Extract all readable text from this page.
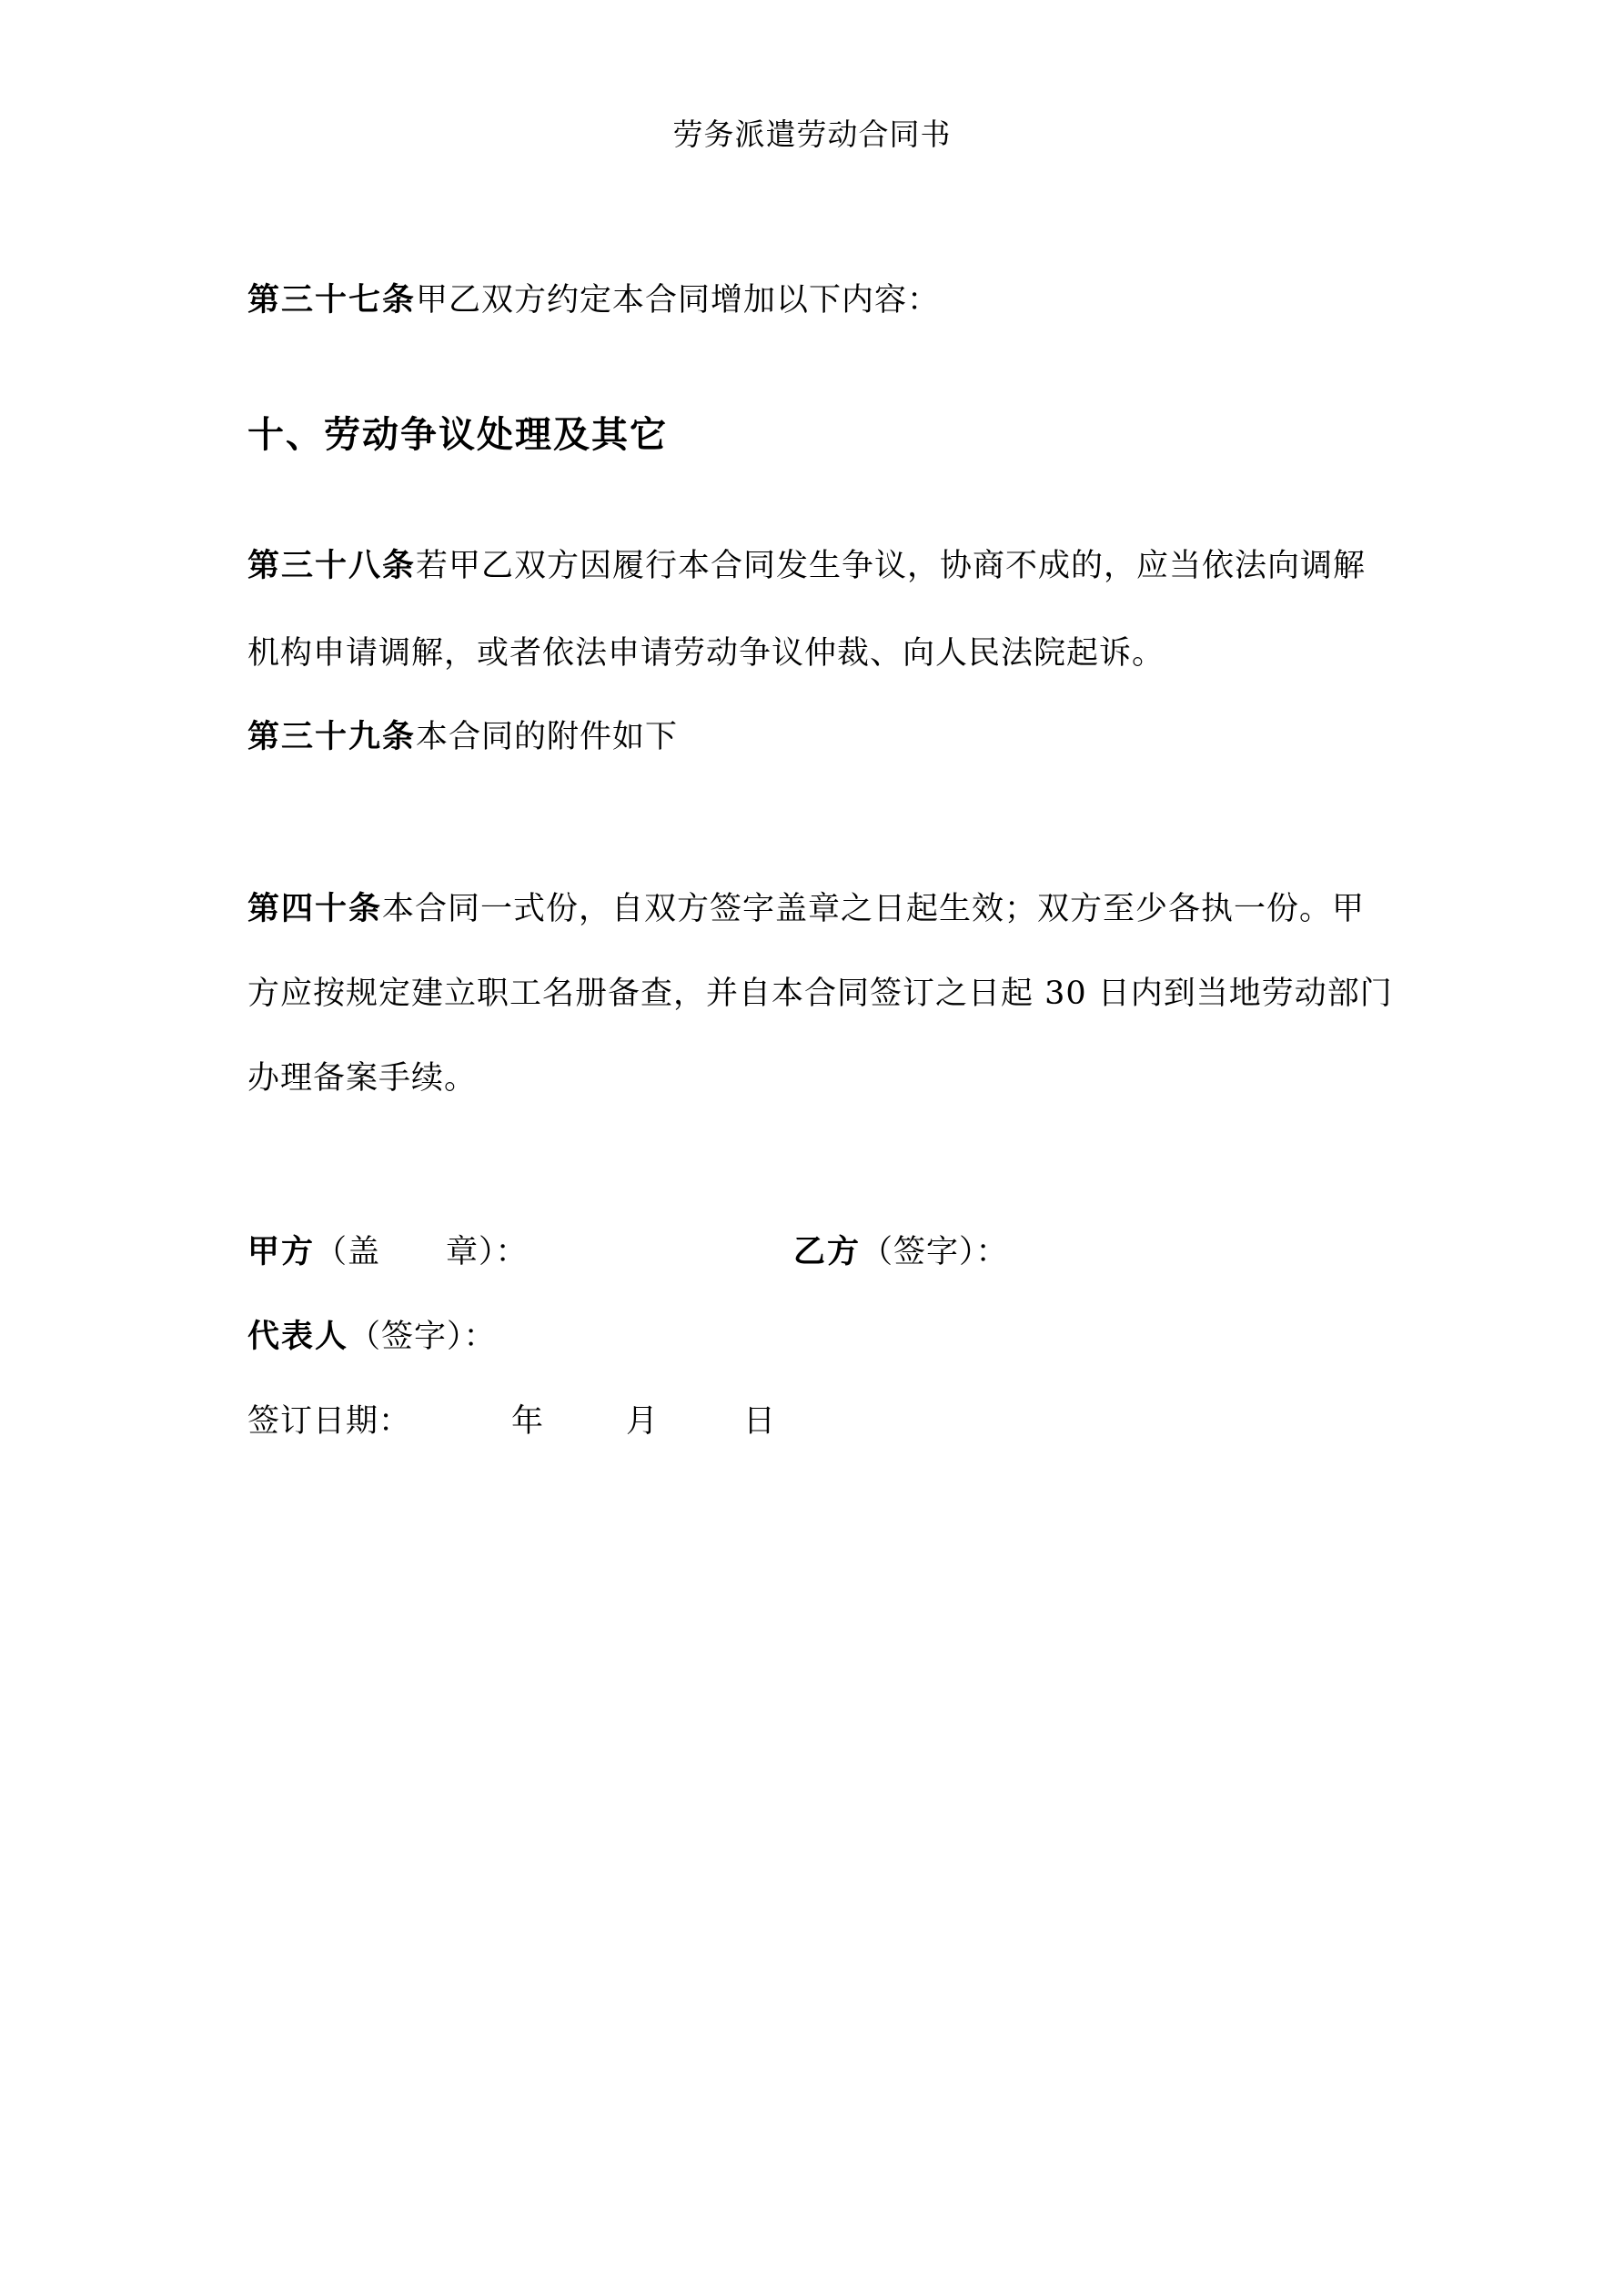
劳务派遣劳动合同书
第三十七条甲乙双方约定本合同增加以下内容：
十、劳动争议处理及其它
第三十八条若甲乙双方因履行本合同发生争议，协商不成的，应当依法向调解
机构申请调解，或者依法申请劳动争议仲裁、向人民法院起诉。
第三十九条本合同的附件如下
第四十条本合同一式份，自双方签字盖章之日起生效；双方至少各执一份。甲
方应按规定建立职工名册备查，并自本合同签订之日起 30 日内到当地劳动部门
办理备案手续。
甲方（盖　　章）：	乙方（签字）：
代表人（签字）：
签订日期：	年	月	日
